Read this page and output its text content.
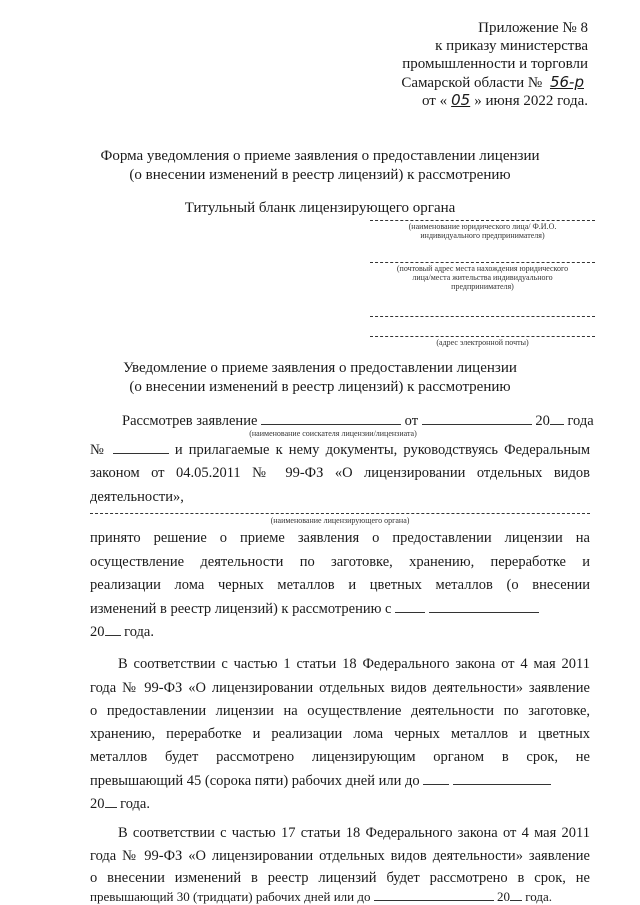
Приложение № 8
к приказу министерства
промышленности и торговли
Самарской области № 56-р
от « 05 » июня 2022 года.
Форма уведомления о приеме заявления о предоставлении лицензии
(о внесении изменений в реестр лицензий) к рассмотрению
Титульный бланк лицензирующего органа
(наименование юридического лица/ Ф.И.О.
индивидуального предпринимателя)
(почтовый адрес места нахождения юридического
лица/места жительства индивидуального
предпринимателя)
(адрес электронной почты)
Уведомление о приеме заявления о предоставлении лицензии
(о внесении изменений в реестр лицензий) к рассмотрению
Рассмотрев заявление	от	20 года
(наименование соискателя лицензии/лицензиата)
№	и прилагаемые к нему документы, руководствуясь Федеральным
законом от 04.05.2011 № 99-ФЗ «О лицензировании отдельных видов
деятельности»,
(наименование лицензирующего органа)
принято решение о приеме заявления о предоставлении лицензии на
осуществление деятельности по заготовке, хранению, переработке и
реализации лома черных металлов и цветных металлов (о внесении
изменений в реестр лицензий) к рассмотрению с
20 года.
В соответствии с частью 1 статьи 18 Федерального закона от 4 мая 2011
года № 99-ФЗ «О лицензировании отдельных видов деятельности» заявление
о предоставлении лицензии на осуществление деятельности по заготовке,
хранению, переработке и реализации лома черных металлов и цветных
металлов будет рассмотрено лицензирующим органом в срок, не
превышающий 45 (сорока пяти) рабочих дней или до
20 года.
В соответствии с частью 17 статьи 18 Федерального закона от 4 мая 2011
года № 99-ФЗ «О лицензировании отдельных видов деятельности» заявление
о внесении изменений в реестр лицензий будет рассмотрено в срок, не
превышающий 30 (тридцати) рабочих дней или до	20 года.
